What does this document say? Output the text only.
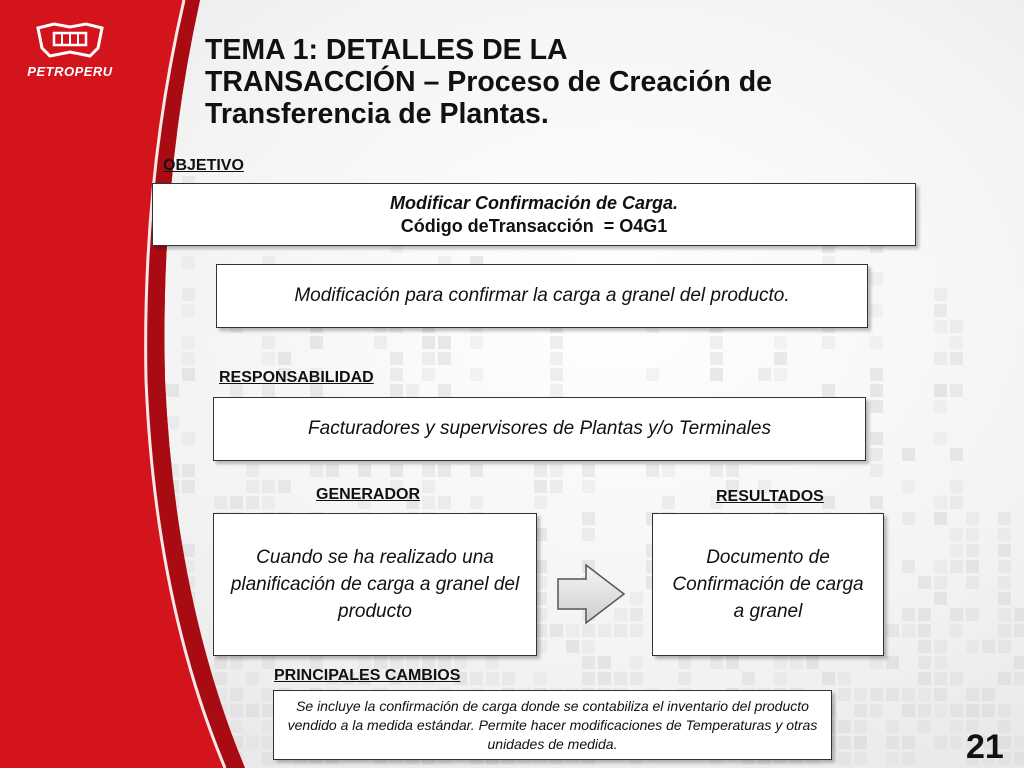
PETROPERU
TEMA 1: DETALLES DE LA
TRANSACCIÓN – Proceso de Creación de
Transferencia de Plantas.
OBJETIVO
Modificar Confirmación de Carga.
Código deTransacción  = O4G1
Modificación para confirmar la carga a granel del producto.
RESPONSABILIDAD
Facturadores y supervisores de Plantas y/o Terminales
GENERADOR
Cuando se ha realizado una planificación de carga a granel del producto
RESULTADOS
Documento de Confirmación de carga a granel
PRINCIPALES CAMBIOS
Se incluye la confirmación de carga donde se contabiliza el inventario del producto vendido a la medida estándar. Permite hacer modificaciones de Temperaturas y otras unidades de medida.	21
